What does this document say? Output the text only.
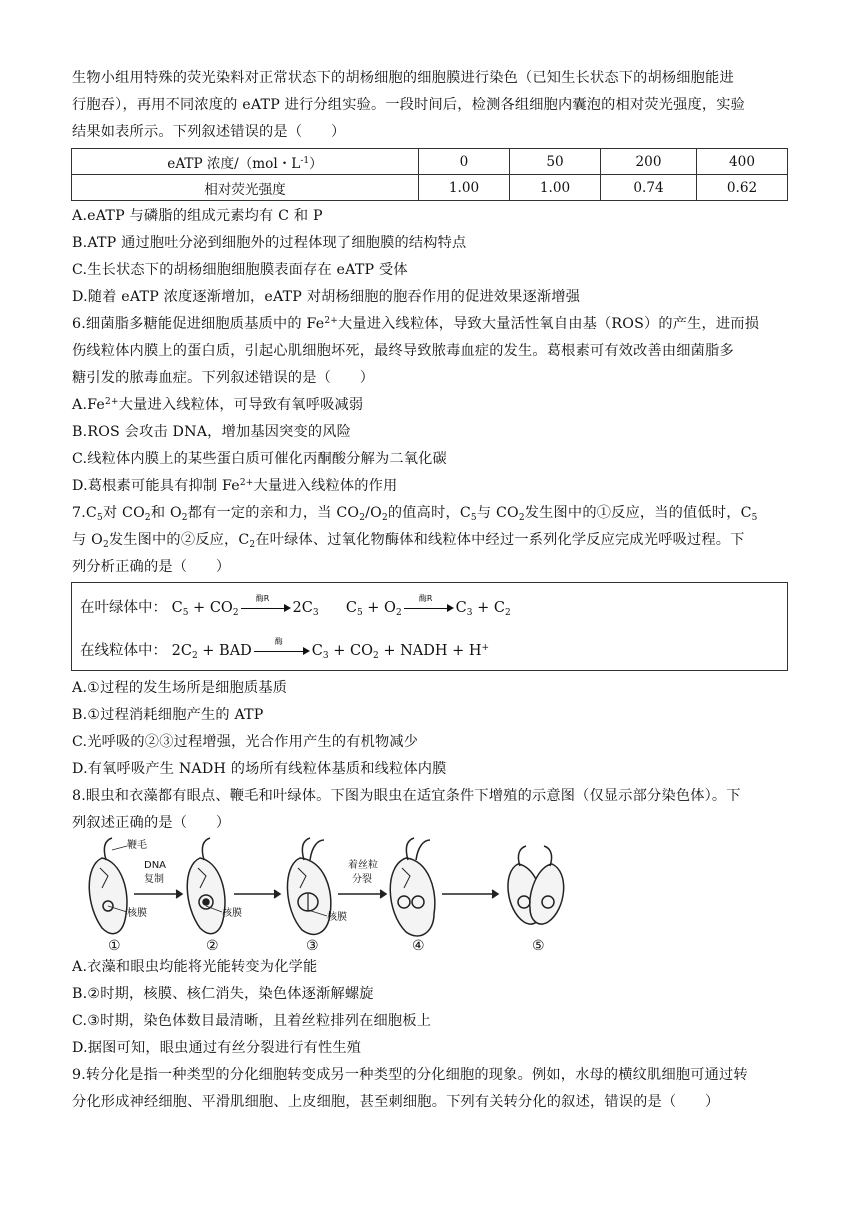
生物小组用特殊的荧光染料对正常状态下的胡杨细胞的细胞膜进行染色（已知生长状态下的胡杨细胞能进
行胞吞），再用不同浓度的 eATP 进行分组实验。一段时间后，检测各组细胞内囊泡的相对荧光强度，实验
结果如表所示。下列叙述错误的是（　　）
eATP 浓度/（mol・$L^{-1}$）	0	50	200	400
相对荧光强度	1.00	1.00	0.74	0.62
A.eATP 与磷脂的组成元素均有 C 和 P
B.ATP 通过胞吐分泌到细胞外的过程体现了细胞膜的结构特点
C.生长状态下的胡杨细胞细胞膜表面存在 eATP 受体
D.随着 eATP 浓度逐渐增加，eATP 对胡杨细胞的胞吞作用的促进效果逐渐增强
6.细菌脂多糖能促进细胞质基质中的 $Fe^{2+}$大量进入线粒体，导致大量活性氧自由基（ROS）的产生，进而损
伤线粒体内膜上的蛋白质，引起心肌细胞坏死，最终导致脓毒血症的发生。葛根素可有效改善由细菌脂多
糖引发的脓毒血症。下列叙述错误的是（　　）
$A.Fe^{2+}$大量进入线粒体，可导致有氧呼吸减弱
B.ROS 会攻击 DNA，增加基因突变的风险
C.线粒体内膜上的某些蛋白质可催化丙酮酸分解为二氧化碳
D.葛根素可能具有抑制 $Fe^{2+}$大量进入线粒体的作用
$7.C_5$对 $CO_2$和 $O_2$都有一定的亲和力，当 $CO_2/O_2$的值高时，$C_5$与 $CO_2$发生图中的①反应，当的值低时，$C_5$
与 $O_2$发生图中的②反应，$C_2$在叶绿体、过氧化物酶体和线粒体中经过一系列化学反应完成光呼吸过程。下
列分析正确的是（　　）
在叶绿体中： $C_5 + CO_2$
酶R
$2C_3$ $C_5 + O_2$
酶R
$C_3 + C_2$
在线粒体中： $2C_2$ + BAD
酶
$C_3 + CO_2$ + NADH + H+
A.①过程的发生场所是细胞质基质
B.①过程消耗细胞产生的 ATP
C.光呼吸的②③过程增强，光合作用产生的有机物减少
D.有氧呼吸产生 NADH 的场所有线粒体基质和线粒体内膜
8.眼虫和衣藻都有眼点、鞭毛和叶绿体。下图为眼虫在适宜条件下增殖的示意图（仅显示部分染色体）。下
列叙述正确的是（　　）
鞭毛
DNA
复制
核膜	核膜	核膜
着丝粒
分裂
①	②	③	④	⑤
A.衣藻和眼虫均能将光能转变为化学能
B.②时期，核膜、核仁消失，染色体逐渐解螺旋
C.③时期，染色体数目最清晰，且着丝粒排列在细胞板上
D.据图可知，眼虫通过有丝分裂进行有性生殖
9.转分化是指一种类型的分化细胞转变成另一种类型的分化细胞的现象。例如，水母的横纹肌细胞可通过转
分化形成神经细胞、平滑肌细胞、上皮细胞，甚至刺细胞。下列有关转分化的叙述，错误的是（　　）
